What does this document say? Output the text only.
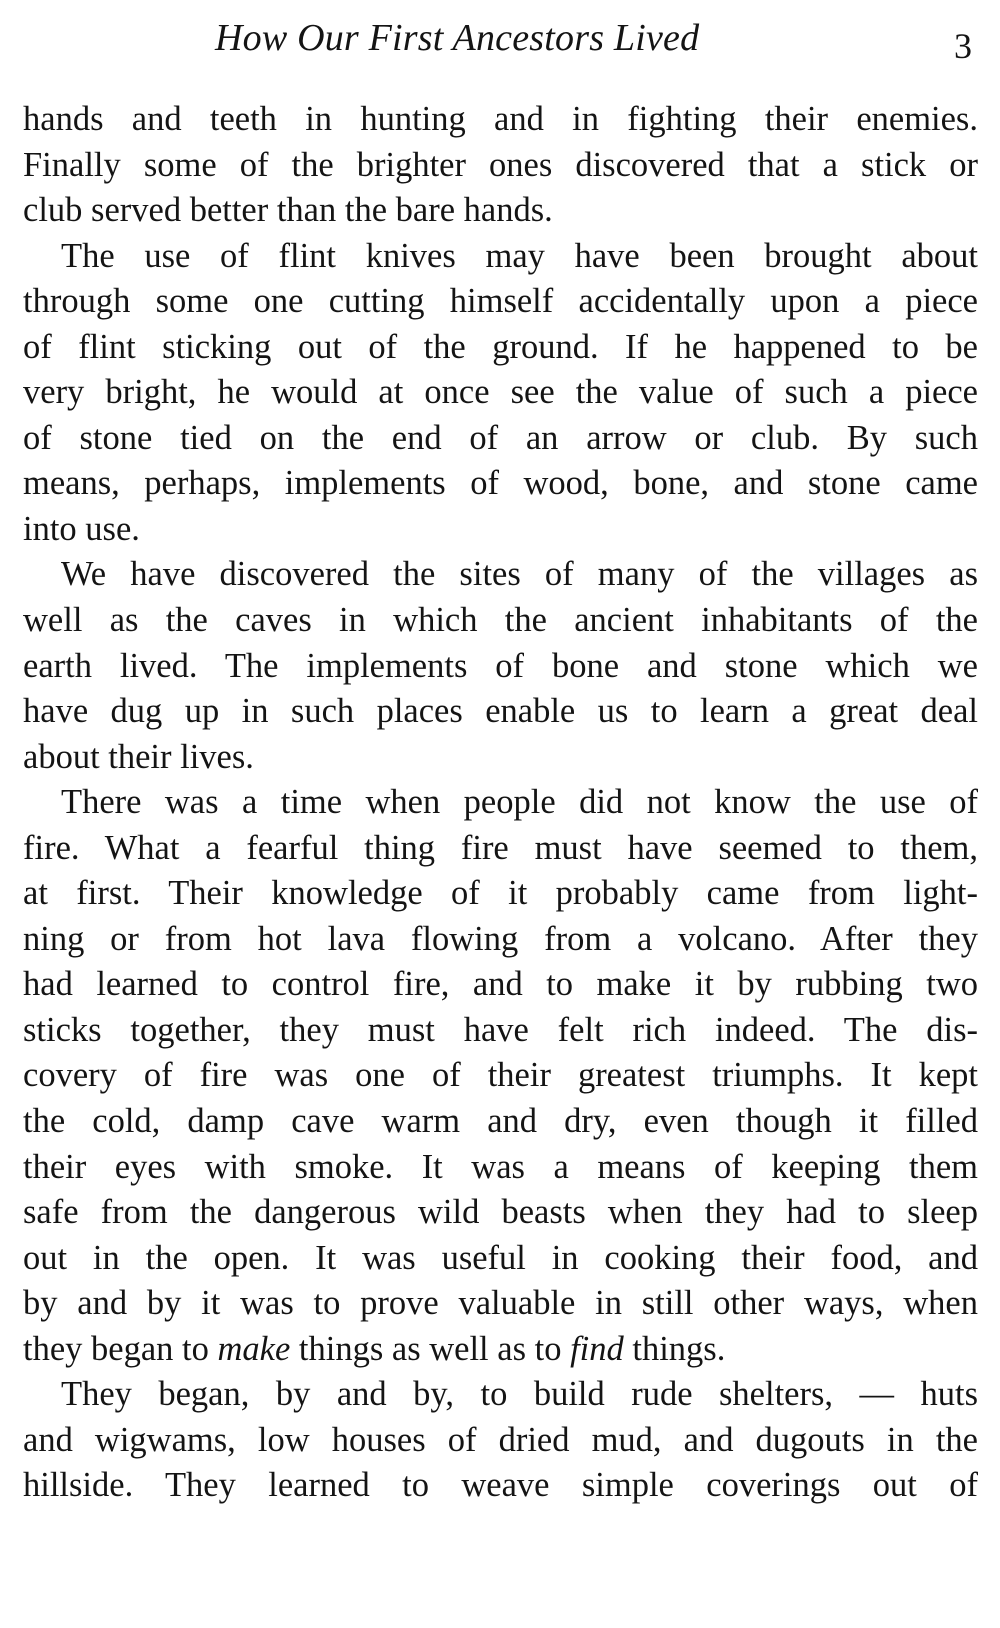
How Our First Ancestors Lived	3
hands and teeth in hunting and in fighting their enemies.
Finally some of the brighter ones discovered that a stick or
club served better than the bare hands.
The use of flint knives may have been brought about
through some one cutting himself accidentally upon a piece
of flint sticking out of the ground. If he happened to be
very bright, he would at once see the value of such a piece
of stone tied on the end of an arrow or club. By such
means, perhaps, implements of wood, bone, and stone came
into use.
We have discovered the sites of many of the villages as
well as the caves in which the ancient inhabitants of the
earth lived. The implements of bone and stone which we
have dug up in such places enable us to learn a great deal
about their lives.
There was a time when people did not know the use of
fire. What a fearful thing fire must have seemed to them,
at first. Their knowledge of it probably came from light-
ning or from hot lava flowing from a volcano. After they
had learned to control fire, and to make it by rubbing two
sticks together, they must have felt rich indeed. The dis-
covery of fire was one of their greatest triumphs. It kept
the cold, damp cave warm and dry, even though it filled
their eyes with smoke. It was a means of keeping them
safe from the dangerous wild beasts when they had to sleep
out in the open. It was useful in cooking their food, and
by and by it was to prove valuable in still other ways, when
they began to make things as well as to find things.
They began, by and by, to build rude shelters, — huts
and wigwams, low houses of dried mud, and dugouts in the
hillside. They learned to weave simple coverings out of
